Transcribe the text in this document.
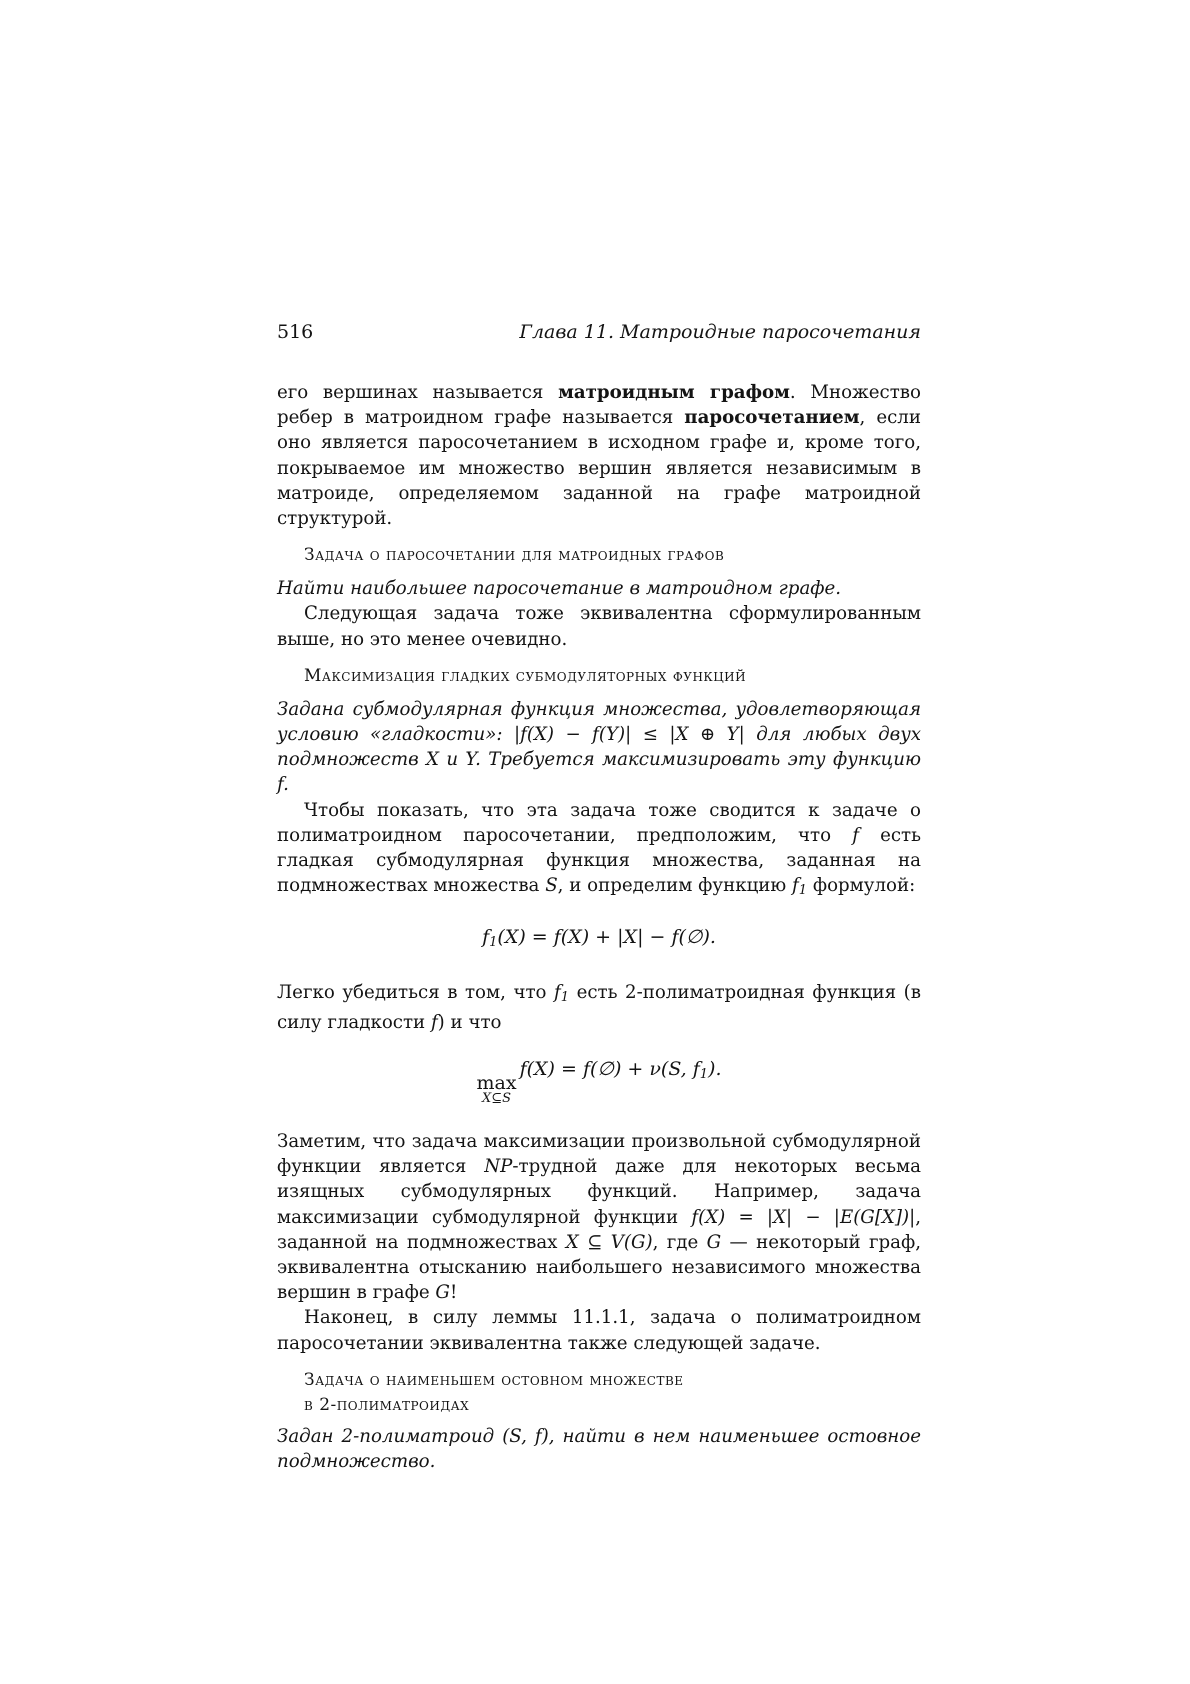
516	Глава 11. Матроидные паросочетания

его вершинах называется матроидным графом. Множество ребер в матроидном графе называется паросочетанием, если оно является паросочетанием в исходном графе и, кроме того, покрываемое им множество вершин является независимым в матроиде, определяемом заданной на графе матроидной структурой.

Задача о паросочетании для матроидных графов

Найти наибольшее паросочетание в матроидном графе.

Следующая задача тоже эквивалентна сформулированным выше, но это менее очевидно.

Максимизация гладких субмодуляторных функций

Задана субмодулярная функция множества, удовлетворяющая условию «гладкости»: |f(X) − f(Y)| ≤ |X ⊕ Y| для любых двух подмножеств X и Y. Требуется максимизировать эту функцию f.

Чтобы показать, что эта задача тоже сводится к задаче о полиматроидном паросочетании, предположим, что f есть гладкая субмодулярная функция множества, заданная на подмножествах множества S, и определим функцию $f_1$ формулой:

$f_1(X) = f(X) + |X|$ − f(∅).

Легко убедиться в том, что $f_1$ есть 2-полиматроидная функция (в силу гладкости f) и что

max
X⊆S
f(X) = f(∅) + ν(S, $f_1$).

Заметим, что задача максимизации произвольной субмодулярной функции является NP-трудной даже для некоторых весьма изящных субмодулярных функций. Например, задача максимизации субмодулярной функции f(X) = |X| − |E(G[X])|, заданной на подмножествах X ⊆ V(G), где G — некоторый граф, эквивалентна отысканию наибольшего независимого множества вершин в графе G!

Наконец, в силу леммы 11.1.1, задача о полиматроидном паросочетании эквивалентна также следующей задаче.

Задача о наименьшем остовном множестве
в 2-полиматроидах

Задан 2-полиматроид (S, f), найти в нем наименьшее остовное подмножество.
